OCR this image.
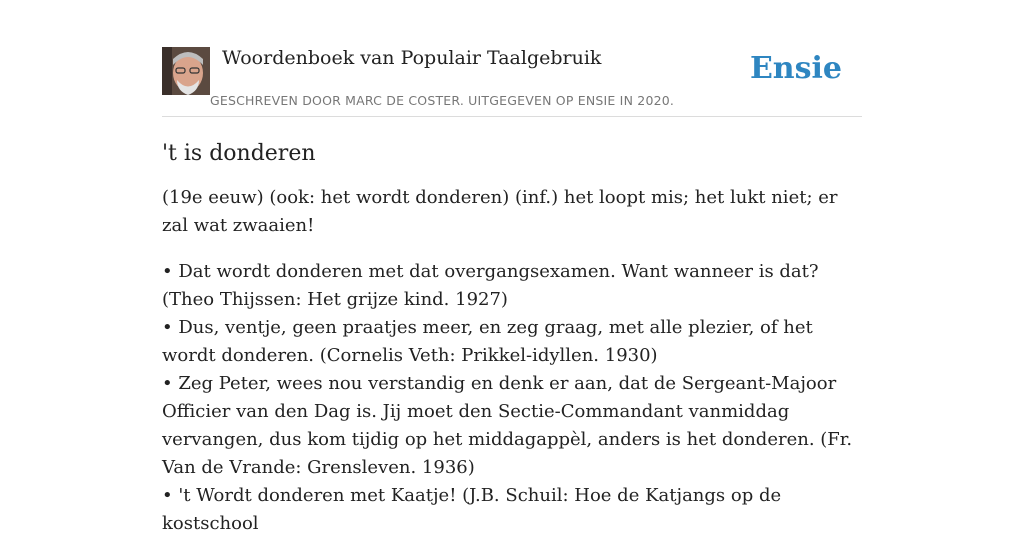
Woordenboek van Populair Taalgebruik
GESCHREVEN DOOR MARC DE COSTER. UITGEGEVEN OP ENSIE IN 2020.
Ensie
't is donderen

(19e eeuw) (ook: het wordt donderen) (inf.) het loopt mis; het lukt niet; er zal wat zwaaien!

• Dat wordt donderen met dat overgangsexamen. Want wanneer is dat? (Theo Thijssen: Het grijze kind. 1927)
• Dus, ventje, geen praatjes meer, en zeg graag, met alle plezier, of het wordt donderen. (Cornelis Veth: Prikkel-idyllen. 1930)
• Zeg Peter, wees nou verstandig en denk er aan, dat de Sergeant-Majoor Officier van den Dag is. Jij moet den Sectie-Commandant vanmiddag vervangen, dus kom tijdig op het middagappèl, anders is het donderen. (Fr. Van de Vrande: Grensleven. 1936)
• 't Wordt donderen met Kaatje! (J.B. Schuil: Hoe de Katjangs op de kostschool
